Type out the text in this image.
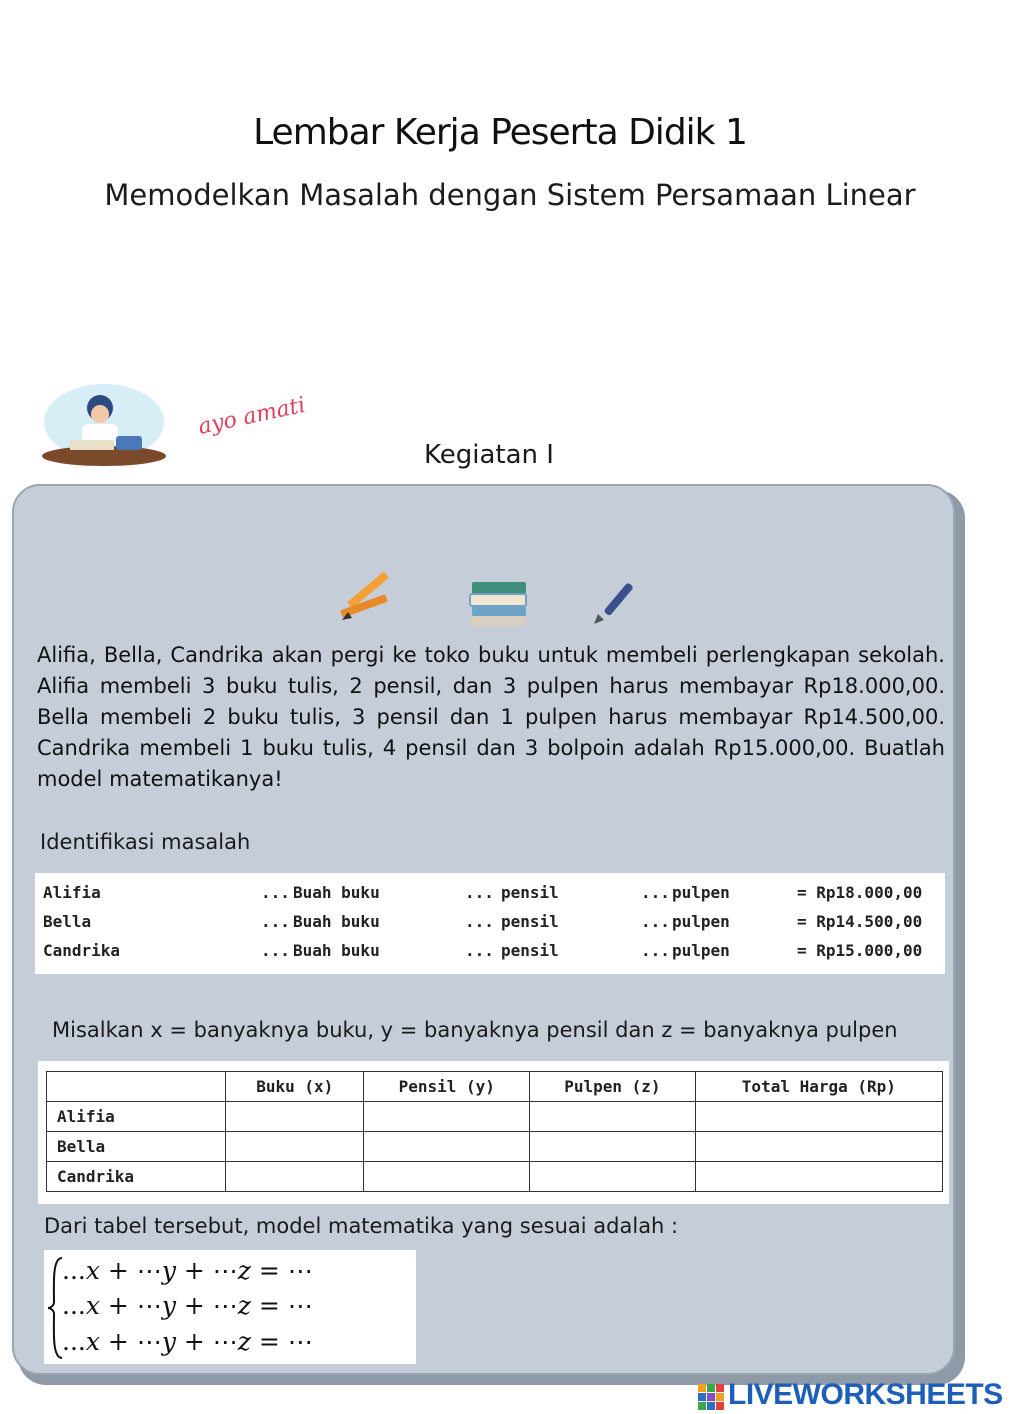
Lembar Kerja Peserta Didik 1
Memodelkan Masalah dengan Sistem Persamaan Linear
ayo amati
Kegiatan I
Alifia, Bella, Candrika akan pergi ke toko buku untuk membeli perlengkapan sekolah. Alifia membeli 3 buku tulis, 2 pensil, dan 3 pulpen harus membayar Rp18.000,00. Bella membeli 2 buku tulis, 3 pensil dan 1 pulpen harus membayar Rp14.500,00. Candrika membeli 1 buku tulis, 4 pensil dan 3 bolpoin adalah Rp15.000,00. Buatlah model matematikanya!
Identifikasi masalah
Alifia	... Buah buku	... pensil	... pulpen	= Rp18.000,00
Bella	... Buah buku	... pensil	... pulpen	= Rp14.500,00
Candrika	... Buah buku	... pensil	... pulpen	= Rp15.000,00
Misalkan x = banyaknya buku, y = banyaknya pensil dan z = banyaknya pulpen
	Buku (x)	Pensil (y)	Pulpen (z)	Total Harga (Rp)
Alifia				
Bella				
Candrika				
Dari tabel tersebut, model matematika yang sesuai adalah :
...x + ⋯y + ⋯z = ⋯
...x + ⋯y + ⋯z = ⋯
...x + ⋯y + ⋯z = ⋯
LIVEWORKSHEETS
